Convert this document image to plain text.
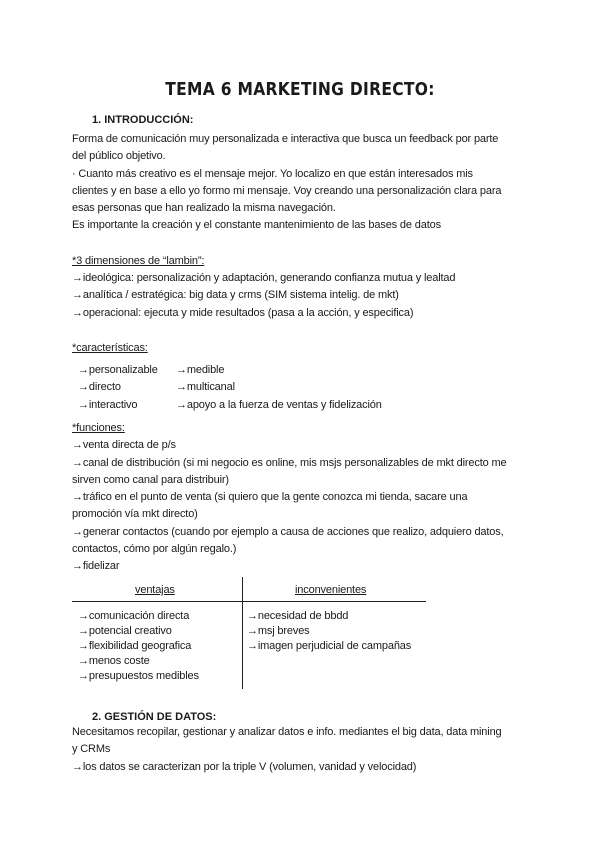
TEMA 6 MARKETING DIRECTO:
1. INTRODUCCIÓN:
Forma de comunicación muy personalizada e interactiva que busca un feedback por parte
del público objetivo.
· Cuanto más creativo es el mensaje mejor. Yo localizo en que están interesados mis
clientes y en base a ello yo formo mi mensaje. Voy creando una personalización clara para
esas personas que han realizado la misma navegación.
Es importante la creación y el constante mantenimiento de las bases de datos
*3 dimensiones de “lambin”:
→ideológica: personalización y adaptación, generando confianza mutua y lealtad
→analítica / estratégica: big data y crms (SIM sistema intelig. de mkt)
→operacional: ejecuta y mide resultados (pasa a la acción, y especifica)
*características:
→personalizable
→directo
→interactivo
→medible
→multicanal
→apoyo a la fuerza de ventas y fidelización
*funciones:
→venta directa de p/s
→canal de distribución (si mi negocio es online, mis msjs personalizables de mkt directo me
sirven como canal para distribuir)
→tráfico en el punto de venta (si quiero que la gente conozca mi tienda, sacare una
promoción vía mkt directo)
→generar contactos (cuando por ejemplo a causa de acciones que realizo, adquiero datos,
contactos, cómo por algún regalo.)
→fidelizar
ventajas	inconvenientes
→comunicación directa
→potencial creativo
→flexibilidad geografica
→menos coste
→presupuestos medibles
→necesidad de bbdd
→msj breves
→imagen perjudicial de campañas
2. GESTIÓN DE DATOS:
Necesitamos recopilar, gestionar y analizar datos e info. mediantes el big data, data mining
y CRMs
→los datos se caracterizan por la triple V (volumen, vanidad y velocidad)
